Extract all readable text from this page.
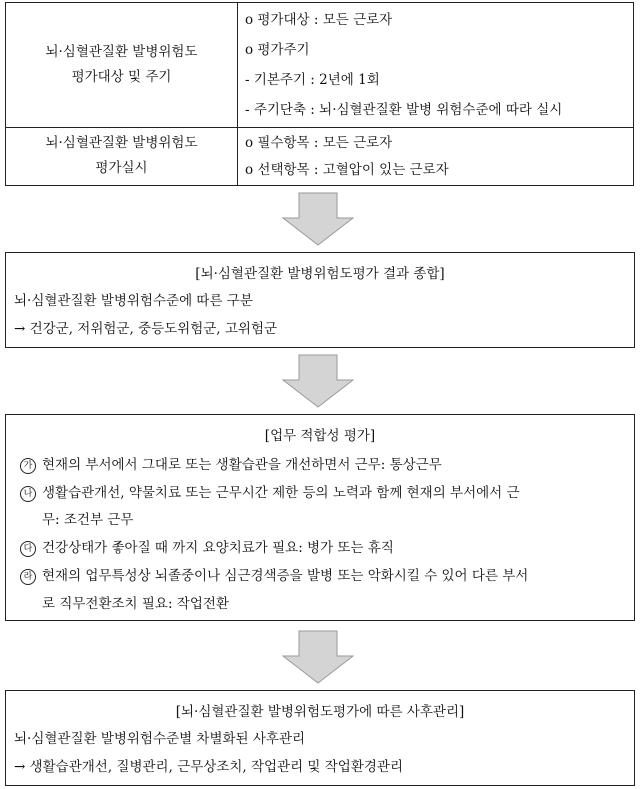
뇌·심혈관질환 발병위험도
평가대상 및 주기
o 평가대상 : 모든 근로자
o 평가주기
- 기본주기 : 2년에 1회
- 주기단축 : 뇌·심혈관질환 발병 위험수준에 따라 실시
뇌·심혈관질환 발병위험도
평가실시
o 필수항목 : 모든 근로자
o 선택항목 : 고혈압이 있는 근로자
[뇌·심혈관질환 발병위험도평가 결과 종합]
뇌·심혈관질환 발병위험수준에 따른 구분
→ 건강군, 저위험군, 중등도위험군, 고위험군
[업무 적합성 평가]
가 현재의 부서에서 그대로 또는 생활습관을 개선하면서 근무: 통상근무
나 생활습관개선, 약물치료 또는 근무시간 제한 등의 노력과 함께 현재의 부서에서 근
무: 조건부 근무
다 건강상태가 좋아질 때 까지 요양치료가 필요: 병가 또는 휴직
라 현재의 업무특성상 뇌졸중이나 심근경색증을 발병 또는 악화시킬 수 있어 다른 부서
로 직무전환조치 필요: 작업전환
[뇌·심혈관질환 발병위험도평가에 따른 사후관리]
뇌·심혈관질환 발병위험수준별 차별화된 사후관리
→ 생활습관개선, 질병관리, 근무상조치, 작업관리 및 작업환경관리
